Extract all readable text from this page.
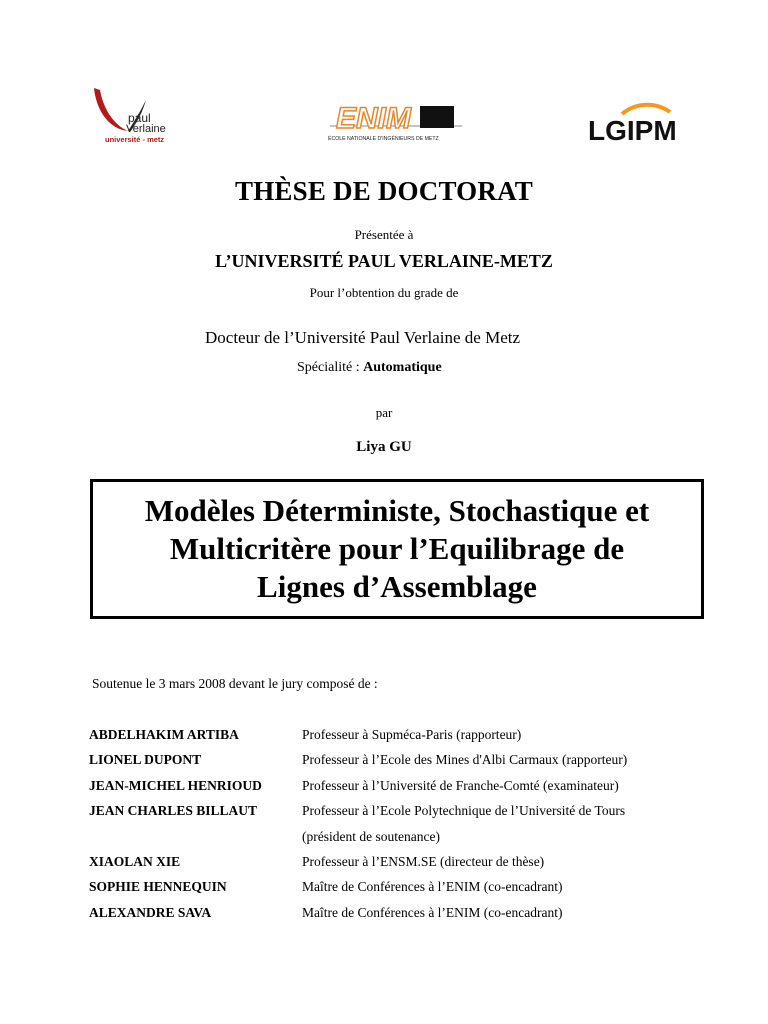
paul
Verlaine
université - metz
ENIM
ÉCOLE NATIONALE D'INGÉNIEURS DE METZ	LGIPM
THÈSE DE DOCTORAT
Présentée à
L’UNIVERSITÉ PAUL VERLAINE-METZ
Pour l’obtention du grade de
Docteur de l’Université Paul Verlaine de Metz
Spécialité : Automatique
par
Liya GU
Modèles Déterministe, Stochastique et
Multicritère pour l’Equilibrage de
Lignes d’Assemblage
Soutenue le 3 mars 2008 devant le jury composé de :
ABDELHAKIM ARTIBA	Professeur à Supméca-Paris (rapporteur)
LIONEL DUPONT	Professeur à l’Ecole des Mines d'Albi Carmaux (rapporteur)
JEAN-MICHEL HENRIOUD	Professeur à l’Université de Franche-Comté (examinateur)
JEAN CHARLES BILLAUT	Professeur à l’Ecole Polytechnique de l’Université de Tours
(président de soutenance)
XIAOLAN XIE	Professeur à l’ENSM.SE (directeur de thèse)
SOPHIE HENNEQUIN	Maître de Conférences à l’ENIM (co-encadrant)
ALEXANDRE SAVA	Maître de Conférences à l’ENIM (co-encadrant)
